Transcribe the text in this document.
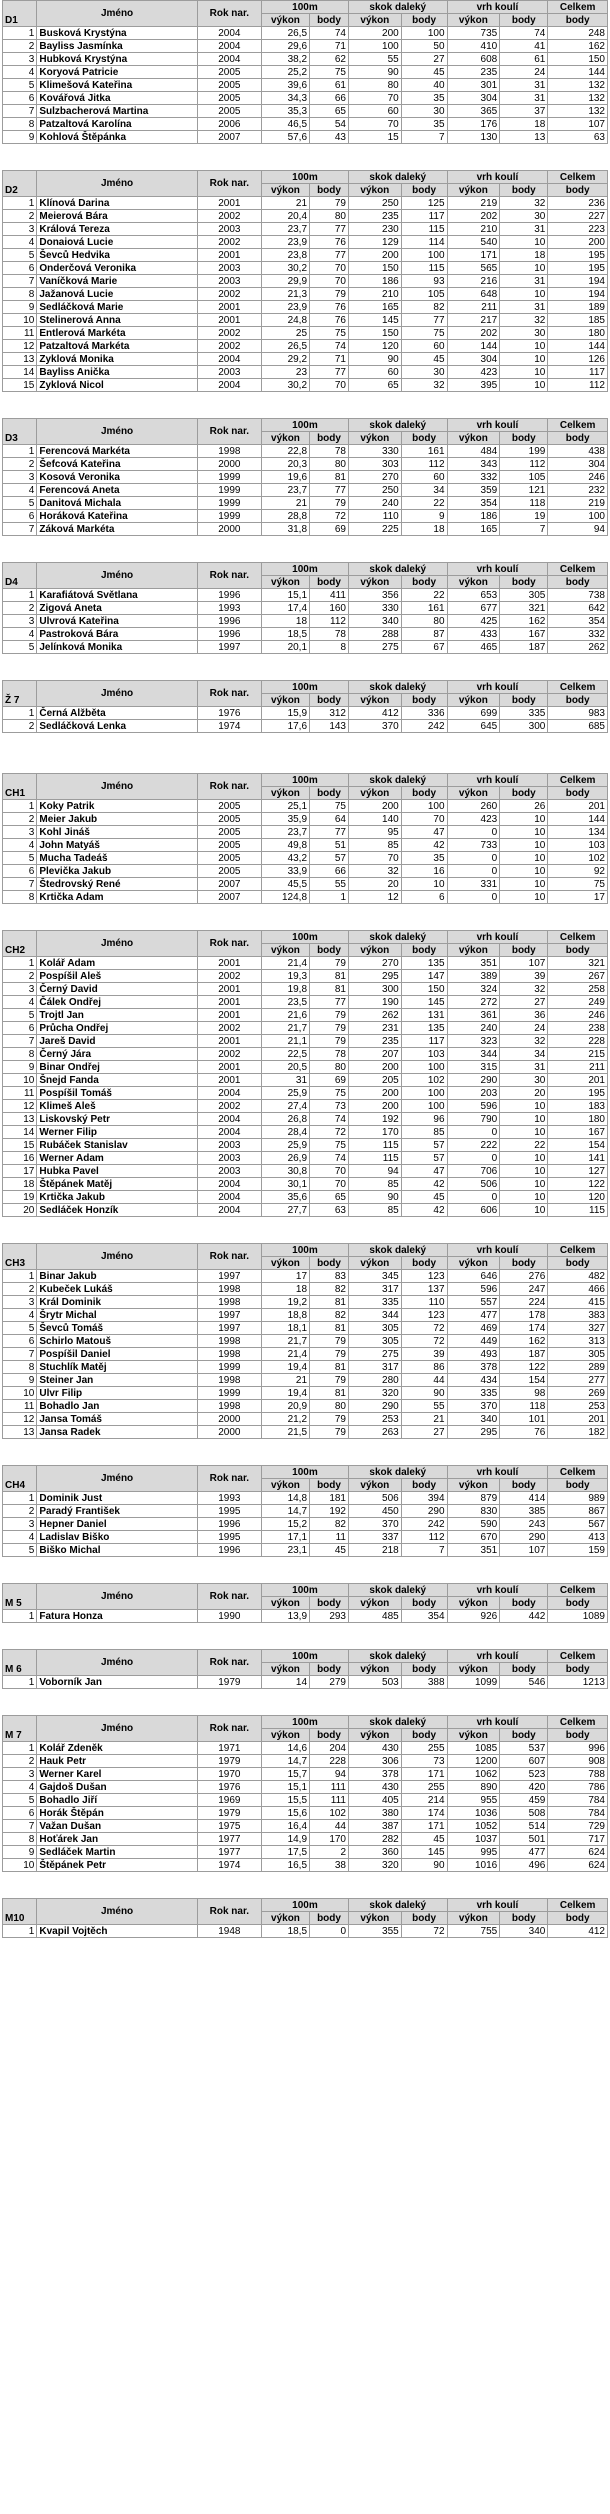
D1	Jméno	Rok nar.	100m		skok daleký		vrh koulí		Celkem
			výkon	body	výkon	body	výkon	body	body
1	Busková Krystýna	2004	26,5	74	200	100	735	74	248
2	Bayliss Jasmínka	2004	29,6	71	100	50	410	41	162
3	Hubková Krystýna	2004	38,2	62	55	27	608	61	150
4	Koryová Patricie	2005	25,2	75	90	45	235	24	144
5	Klimešová Kateřina	2005	39,6	61	80	40	301	31	132
6	Kovářová Jitka	2005	34,3	66	70	35	304	31	132
7	Sulzbacherová Martina	2005	35,3	65	60	30	365	37	132
8	Patzaltová Karolína	2006	46,5	54	70	35	176	18	107
9	Kohlová Štěpánka	2007	57,6	43	15	7	130	13	63
D2	Jméno	Rok nar.	100m		skok daleký		vrh koulí		Celkem
			výkon	body	výkon	body	výkon	body	body
1	Klínová Darina	2001	21	79	250	125	219	32	236
2	Meierová Bára	2002	20,4	80	235	117	202	30	227
3	Králová Tereza	2003	23,7	77	230	115	210	31	223
4	Donaiová Lucie	2002	23,9	76	129	114	540	10	200
5	Ševců Hedvika	2001	23,8	77	200	100	171	18	195
6	Onderčová Veronika	2003	30,2	70	150	115	565	10	195
7	Vaníčková Marie	2003	29,9	70	186	93	216	31	194
8	Jažanová Lucie	2002	21,3	79	210	105	648	10	194
9	Sedláčková Marie	2001	23,9	76	165	82	211	31	189
10	Stelinerová Anna	2001	24,8	76	145	77	217	32	185
11	Entlerová Markéta	2002	25	75	150	75	202	30	180
12	Patzaltová Markéta	2002	26,5	74	120	60	144	10	144
13	Zyklová Monika	2004	29,2	71	90	45	304	10	126
14	Bayliss Anička	2003	23	77	60	30	423	10	117
15	Zyklová Nicol	2004	30,2	70	65	32	395	10	112
D3	Jméno	Rok nar.	100m		skok daleký		vrh koulí		Celkem
			výkon	body	výkon	body	výkon	body	body
1	Ferencová Markéta	1998	22,8	78	330	161	484	199	438
2	Šefcová Kateřina	2000	20,3	80	303	112	343	112	304
3	Kosová Veronika	1999	19,6	81	270	60	332	105	246
4	Ferencová Aneta	1999	23,7	77	250	34	359	121	232
5	Danitová Michala	1999	21	79	240	22	354	118	219
6	Horáková Kateřina	1999	28,8	72	110	9	186	19	100
7	Záková Markéta	2000	31,8	69	225	18	165	7	94
D4	Jméno	Rok nar.	100m		skok daleký		vrh koulí		Celkem
			výkon	body	výkon	body	výkon	body	body
1	Karafiátová Světlana	1996	15,1	411	356	22	653	305	738
2	Zigová Aneta	1993	17,4	160	330	161	677	321	642
3	Ulvrová Kateřina	1996	18	112	340	80	425	162	354
4	Pastroková Bára	1996	18,5	78	288	87	433	167	332
5	Jelínková Monika	1997	20,1	8	275	67	465	187	262
Ž 7	Jméno	Rok nar.	100m		skok daleký		vrh koulí		Celkem
			výkon	body	výkon	body	výkon	body	body
1	Černá Alžběta	1976	15,9	312	412	336	699	335	983
2	Sedláčková Lenka	1974	17,6	143	370	242	645	300	685
CH1	Jméno	Rok nar.	100m		skok daleký		vrh koulí		Celkem
			výkon	body	výkon	body	výkon	body	body
1	Koky Patrik	2005	25,1	75	200	100	260	26	201
2	Meier Jakub	2005	35,9	64	140	70	423	10	144
3	Kohl Jináš	2005	23,7	77	95	47	0	10	134
4	John Matyáš	2005	49,8	51	85	42	733	10	103
5	Mucha Tadeáš	2005	43,2	57	70	35	0	10	102
6	Plevička Jakub	2005	33,9	66	32	16	0	10	92
7	Štedrovský René	2007	45,5	55	20	10	331	10	75
8	Krtička Adam	2007	124,8	1	12	6	0	10	17
CH2	Jméno	Rok nar.	100m		skok daleký		vrh koulí		Celkem
			výkon	body	výkon	body	výkon	body	body
1	Kolář Adam	2001	21,4	79	270	135	351	107	321
2	Pospíšil Aleš	2002	19,3	81	295	147	389	39	267
3	Černý David	2001	19,8	81	300	150	324	32	258
4	Čálek Ondřej	2001	23,5	77	190	145	272	27	249
5	Trojtl Jan	2001	21,6	79	262	131	361	36	246
6	Průcha Ondřej	2002	21,7	79	231	135	240	24	238
7	Jareš David	2001	21,1	79	235	117	323	32	228
8	Černý Jára	2002	22,5	78	207	103	344	34	215
9	Binar Ondřej	2001	20,5	80	200	100	315	31	211
10	Šnejd Fanda	2001	31	69	205	102	290	30	201
11	Pospíšil Tomáš	2004	25,9	75	200	100	203	20	195
12	Klimeš Aleš	2002	27,4	73	200	100	596	10	183
13	Liskovský Petr	2004	26,8	74	192	96	790	10	180
14	Werner Filip	2004	28,4	72	170	85	0	10	167
15	Rubáček Stanislav	2003	25,9	75	115	57	222	22	154
16	Werner Adam	2003	26,9	74	115	57	0	10	141
17	Hubka Pavel	2003	30,8	70	94	47	706	10	127
18	Štěpánek Matěj	2004	30,1	70	85	42	506	10	122
19	Krtička Jakub	2004	35,6	65	90	45	0	10	120
20	Sedláček Honzík	2004	27,7	63	85	42	606	10	115
CH3	Jméno	Rok nar.	100m		skok daleký		vrh koulí		Celkem
			výkon	body	výkon	body	výkon	body	body
1	Binar Jakub	1997	17	83	345	123	646	276	482
2	Kubeček Lukáš	1998	18	82	317	137	596	247	466
3	Král Dominik	1998	19,2	81	335	110	557	224	415
4	Šrytr Michal	1997	18,8	82	344	123	477	178	383
5	Ševců Tomáš	1997	18,1	81	305	72	469	174	327
6	Schirlo Matouš	1998	21,7	79	305	72	449	162	313
7	Pospíšil Daniel	1998	21,4	79	275	39	493	187	305
8	Stuchlík Matěj	1999	19,4	81	317	86	378	122	289
9	Steiner Jan	1998	21	79	280	44	434	154	277
10	Ulvr Filip	1999	19,4	81	320	90	335	98	269
11	Bohadlo Jan	1998	20,9	80	290	55	370	118	253
12	Jansa Tomáš	2000	21,2	79	253	21	340	101	201
13	Jansa Radek	2000	21,5	79	263	27	295	76	182
CH4	Jméno	Rok nar.	100m		skok daleký		vrh koulí		Celkem
			výkon	body	výkon	body	výkon	body	body
1	Dominik Just	1993	14,8	181	506	394	879	414	989
2	Paradý František	1995	14,7	192	450	290	830	385	867
3	Hepner Daniel	1996	15,2	82	370	242	590	243	567
4	Ladislav Biško	1995	17,1	11	337	112	670	290	413
5	Biško Michal	1996	23,1	45	218	7	351	107	159
M 5	Jméno	Rok nar.	100m		skok daleký		vrh koulí		Celkem
			výkon	body	výkon	body	výkon	body	body
1	Fatura Honza	1990	13,9	293	485	354	926	442	1089
M 6	Jméno	Rok nar.	100m		skok daleký		vrh koulí		Celkem
			výkon	body	výkon	body	výkon	body	body
1	Voborník Jan	1979	14	279	503	388	1099	546	1213
M 7	Jméno	Rok nar.	100m		skok daleký		vrh koulí		Celkem
			výkon	body	výkon	body	výkon	body	body
1	Kolář Zdeněk	1971	14,6	204	430	255	1085	537	996
2	Hauk Petr	1979	14,7	228	306	73	1200	607	908
3	Werner Karel	1970	15,7	94	378	171	1062	523	788
4	Gajdoš Dušan	1976	15,1	111	430	255	890	420	786
5	Bohadlo Jiří	1969	15,5	111	405	214	955	459	784
6	Horák Štěpán	1979	15,6	102	380	174	1036	508	784
7	Važan Dušan	1975	16,4	44	387	171	1052	514	729
8	Hoťárek Jan	1977	14,9	170	282	45	1037	501	717
9	Sedláček Martin	1977	17,5	2	360	145	995	477	624
10	Štěpánek Petr	1974	16,5	38	320	90	1016	496	624
M10	Jméno	Rok nar.	100m		skok daleký		vrh koulí		Celkem
			výkon	body	výkon	body	výkon	body	body
1	Kvapil Vojtěch	1948	18,5	0	355	72	755	340	412
